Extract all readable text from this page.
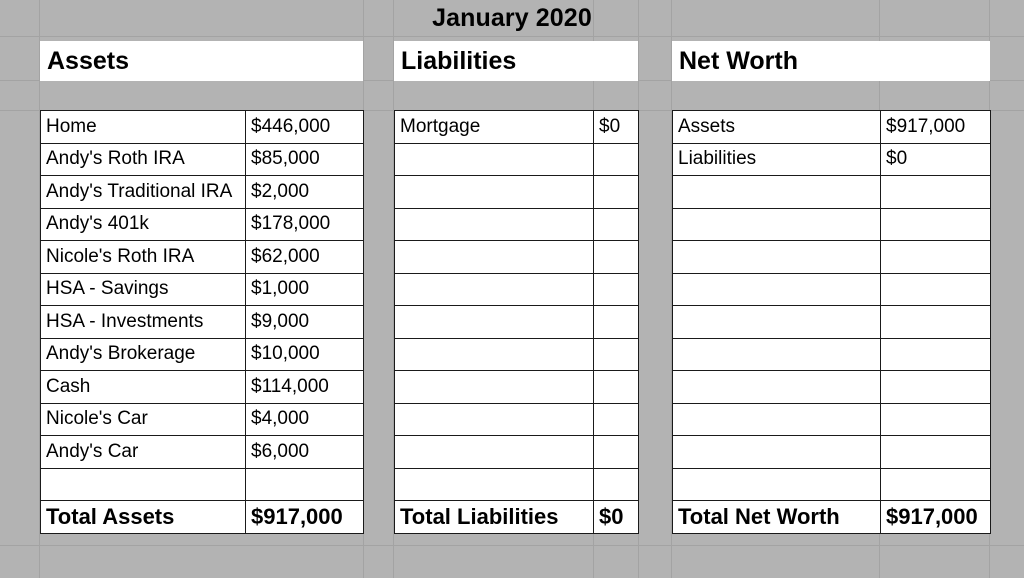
January 2020
Assets
Home	$446,000
Andy's Roth IRA	$85,000
Andy's Traditional IRA	$2,000
Andy's 401k	$178,000
Nicole's Roth IRA	$62,000
HSA - Savings	$1,000
HSA - Investments	$9,000
Andy's Brokerage	$10,000
Cash	$114,000
Nicole's Car	$4,000
Andy's Car	$6,000

Total Assets	$917,000
Liabilities
Mortgage	$0

Total Liabilities	$0
Net Worth
Assets	$917,000
Liabilities	$0

Total Net Worth	$917,000
